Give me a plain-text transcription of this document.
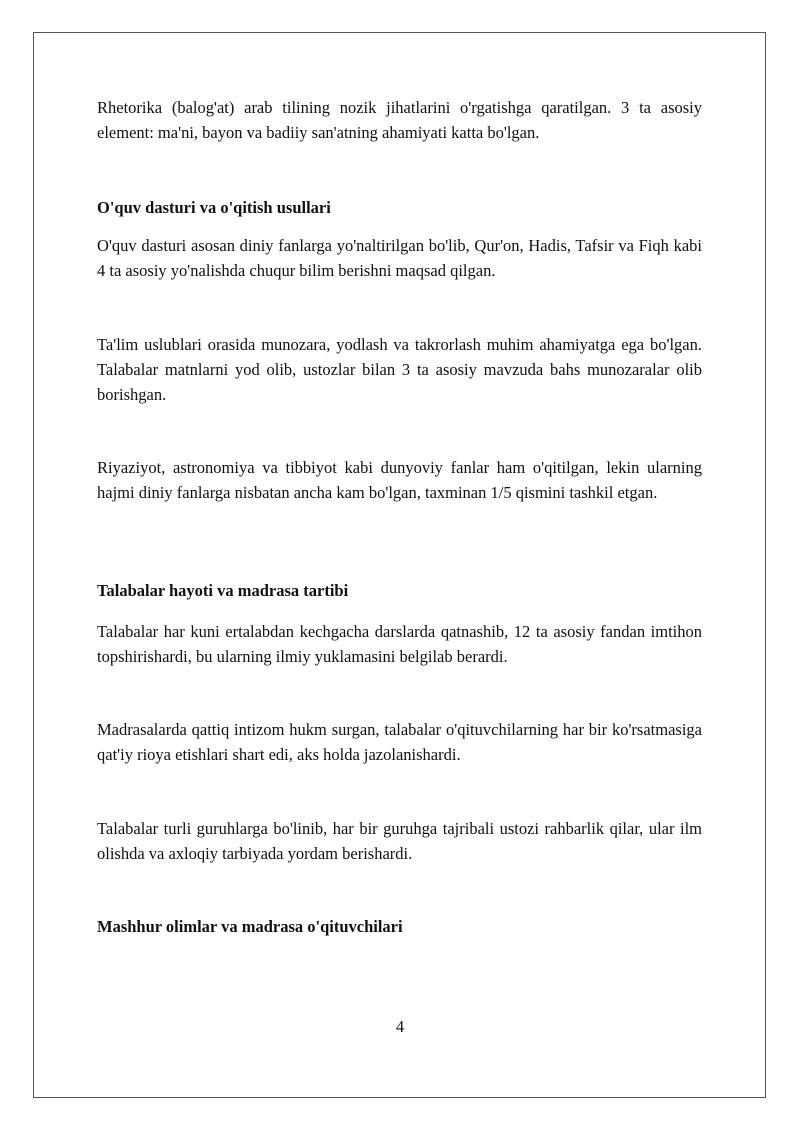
Rhetorika (balog'at) arab tilining nozik jihatlarini o'rgatishga qaratilgan. 3 ta asosiy element: ma'ni, bayon va badiiy san'atning ahamiyati katta bo'lgan.

O'quv dasturi va o'qitish usullari

O'quv dasturi asosan diniy fanlarga yo'naltirilgan bo'lib, Qur'on, Hadis, Tafsir va Fiqh kabi 4 ta asosiy yo'nalishda chuqur bilim berishni maqsad qilgan.

Ta'lim uslublari orasida munozara, yodlash va takrorlash muhim ahamiyatga ega bo'lgan. Talabalar matnlarni yod olib, ustozlar bilan 3 ta asosiy mavzuda bahs munozaralar olib borishgan.

Riyaziyot, astronomiya va tibbiyot kabi dunyoviy fanlar ham o'qitilgan, lekin ularning hajmi diniy fanlarga nisbatan ancha kam bo'lgan, taxminan 1/5 qismini tashkil etgan.

Talabalar hayoti va madrasa tartibi

Talabalar har kuni ertalabdan kechgacha darslarda qatnashib, 12 ta asosiy fandan imtihon topshirishardi, bu ularning ilmiy yuklamasini belgilab berardi.

Madrasalarda qattiq intizom hukm surgan, talabalar o'qituvchilarning har bir ko'rsatmasiga qat'iy rioya etishlari shart edi, aks holda jazolanishardi.

Talabalar turli guruhlarga bo'linib, har bir guruhga tajribali ustozi rahbarlik qilar, ular ilm olishda va axloqiy tarbiyada yordam berishardi.

Mashhur olimlar va madrasa o'qituvchilari

4
